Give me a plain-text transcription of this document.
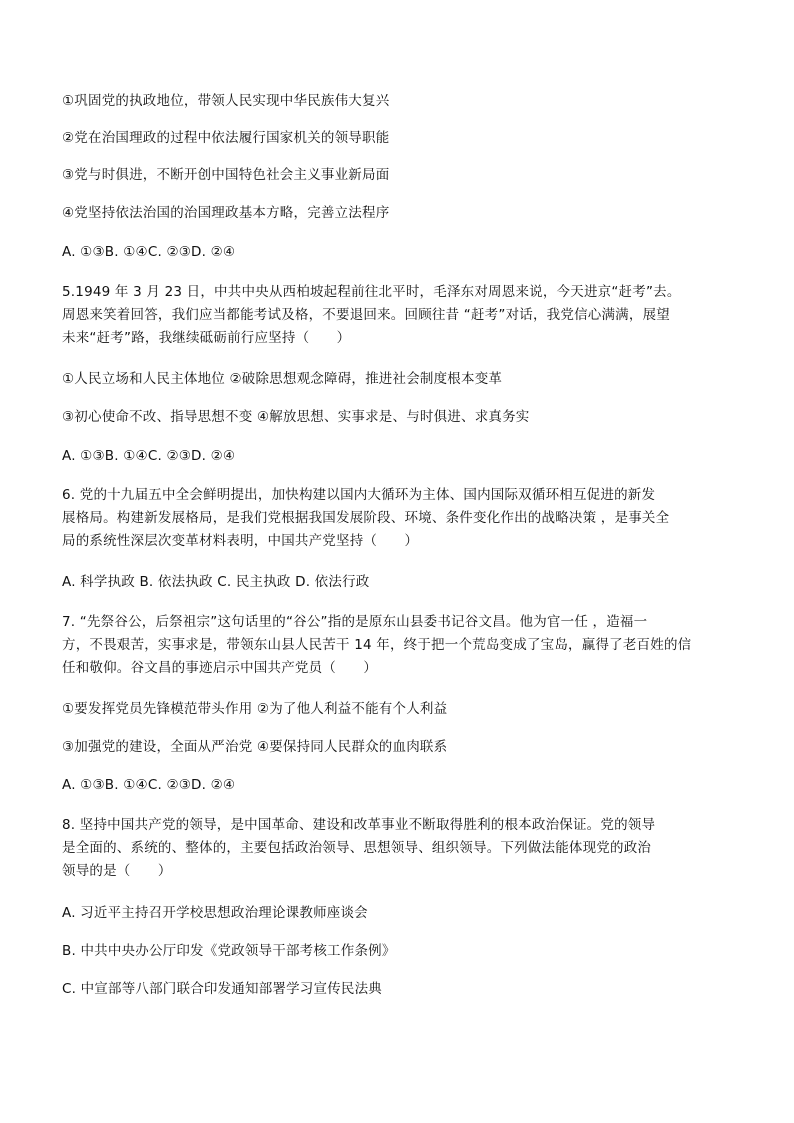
①巩固党的执政地位，带领人民实现中华民族伟大复兴
②党在治国理政的过程中依法履行国家机关的领导职能
③党与时俱进，不断开创中国特色社会主义事业新局面
④党坚持依法治国的治国理政基本方略，完善立法程序
A. ①③B. ①④C. ②③D. ②④
5.1949 年 3 月 23 日，中共中央从西柏坡起程前往北平时，毛泽东对周恩来说，今天进京“赶考”去。
周恩来笑着回答，我们应当都能考试及格，不要退回来。回顾往昔 “赶考”对话，我党信心满满，展望
未来“赶考”路，我继续砥砺前行应坚持（　　）
①人民立场和人民主体地位 ②破除思想观念障碍，推进社会制度根本变革
③初心使命不改、指导思想不变 ④解放思想、实事求是、与时俱进、求真务实
A. ①③B. ①④C. ②③D. ②④
6. 党的十九届五中全会鲜明提出，加快构建以国内大循环为主体、国内国际双循环相互促进的新发
展格局。构建新发展格局，是我们党根据我国发展阶段、环境、条件变化作出的战略决策 ，是事关全
局的系统性深层次变革材料表明，中国共产党坚持（　　）
A. 科学执政 B. 依法执政 C. 民主执政 D. 依法行政
7. “先祭谷公，后祭祖宗”这句话里的“谷公”指的是原东山县委书记谷文昌。他为官一任 ，造福一
方，不畏艰苦，实事求是，带领东山县人民苦干 14 年，终于把一个荒岛变成了宝岛，赢得了老百姓的信
任和敬仰。谷文昌的事迹启示中国共产党员（　　）
①要发挥党员先锋模范带头作用 ②为了他人利益不能有个人利益
③加强党的建设，全面从严治党 ④要保持同人民群众的血肉联系
A. ①③B. ①④C. ②③D. ②④
8. 坚持中国共产党的领导，是中国革命、建设和改革事业不断取得胜利的根本政治保证。党的领导
是全面的、系统的、整体的，主要包括政治领导、思想领导、组织领导。下列做法能体现党的政治
领导的是（　　）
A. 习近平主持召开学校思想政治理论课教师座谈会
B. 中共中央办公厅印发《党政领导干部考核工作条例》
C. 中宣部等八部门联合印发通知部署学习宣传民法典
